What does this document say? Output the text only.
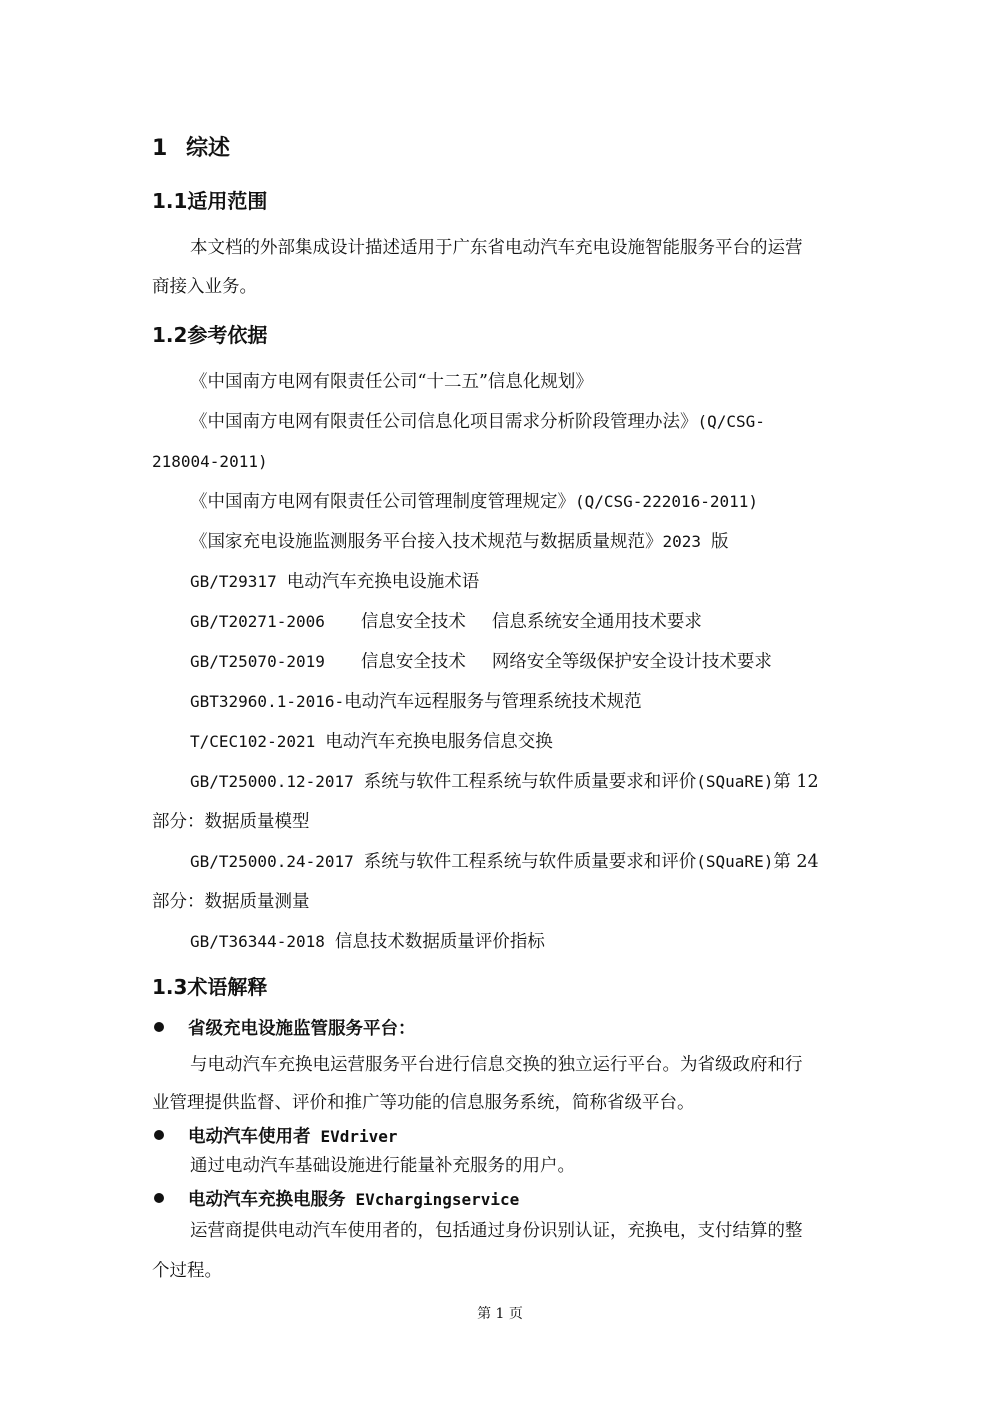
1 综述
1.1适用范围
本文档的外部集成设计描述适用于广东省电动汽车充电设施智能服务平台的运营
商接入业务。
1.2参考依据
《中国南方电网有限责任公司“十二五”信息化规划》
《中国南方电网有限责任公司信息化项目需求分析阶段管理办法》(Q/CSG-
218004-2011)
《中国南方电网有限责任公司管理制度管理规定》(Q/CSG-222016-2011)
《国家充电设施监测服务平台接入技术规范与数据质量规范》2023 版
GB/T29317 电动汽车充换电设施术语
GB/T20271-2006 信息安全技术 信息系统安全通用技术要求
GB/T25070-2019 信息安全技术 网络安全等级保护安全设计技术要求
GBT32960.1-2016-电动汽车远程服务与管理系统技术规范
T/CEC102-2021 电动汽车充换电服务信息交换
GB/T25000.12-2017 系统与软件工程系统与软件质量要求和评价(SQuaRE)第 12
部分：数据质量模型
GB/T25000.24-2017 系统与软件工程系统与软件质量要求和评价(SQuaRE)第 24
部分：数据质量测量
GB/T36344-2018 信息技术数据质量评价指标
1.3术语解释
省级充电设施监管服务平台：
与电动汽车充换电运营服务平台进行信息交换的独立运行平台。为省级政府和行
业管理提供监督、评价和推广等功能的信息服务系统，简称省级平台。
电动汽车使用者 EVdriver
通过电动汽车基础设施进行能量补充服务的用户。
电动汽车充换电服务 EVchargingservice
运营商提供电动汽车使用者的，包括通过身份识别认证，充换电，支付结算的整
个过程。
第 1 页
